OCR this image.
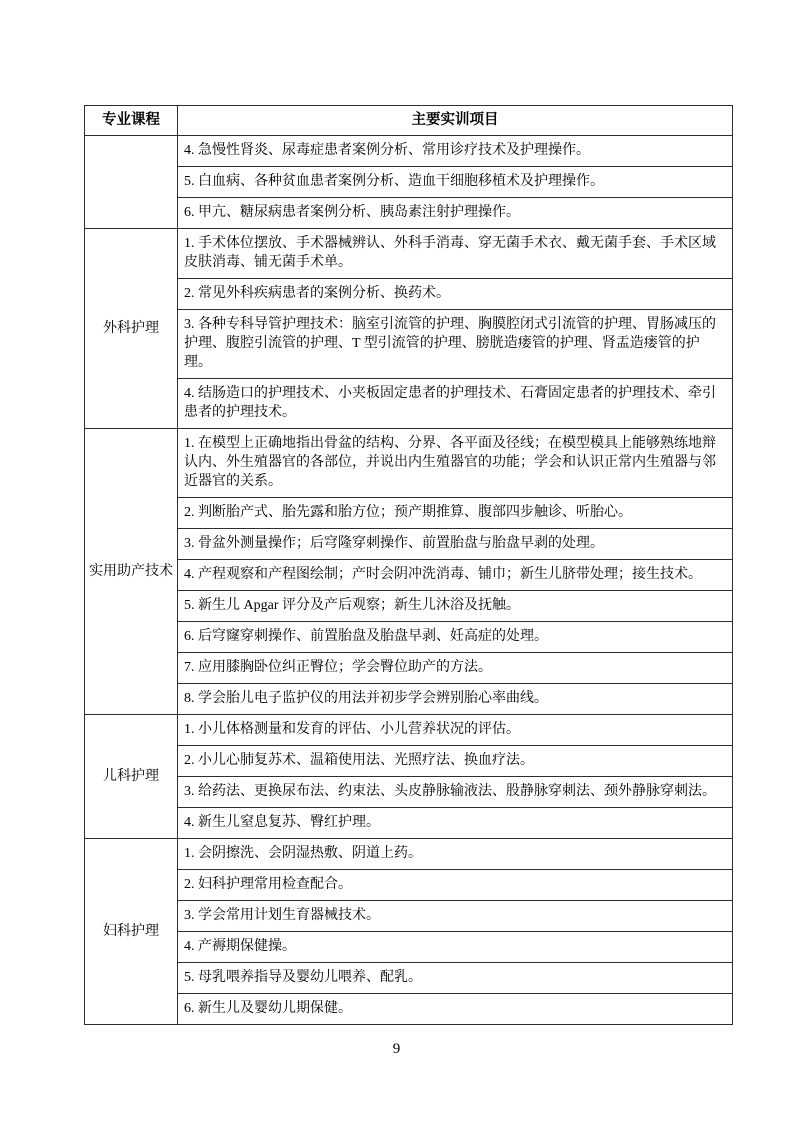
专业课程	主要实训项目
	4. 急慢性肾炎、尿毒症患者案例分析、常用诊疗技术及护理操作。
	5. 白血病、各种贫血患者案例分析、造血干细胞移植术及护理操作。
	6. 甲亢、糖尿病患者案例分析、胰岛素注射护理操作。
外科护理	1. 手术体位摆放、手术器械辨认、外科手消毒、穿无菌手术衣、戴无菌手套、手术区域皮肤消毒、铺无菌手术单。
	2. 常见外科疾病患者的案例分析、换药术。
	3. 各种专科导管护理技术：脑室引流管的护理、胸膜腔闭式引流管的护理、胃肠减压的护理、腹腔引流管的护理、T 型引流管的护理、膀胱造瘘管的护理、肾盂造瘘管的护理。
	4. 结肠造口的护理技术、小夹板固定患者的护理技术、石膏固定患者的护理技术、牵引患者的护理技术。
实用助产技术	1. 在模型上正确地指出骨盆的结构、分界、各平面及径线；在模型模具上能够熟练地辩认内、外生殖器官的各部位，并说出内生殖器官的功能；学会和认识正常内生殖器与邻近器官的关系。
	2. 判断胎产式、胎先露和胎方位；预产期推算、腹部四步触诊、听胎心。
	3. 骨盆外测量操作；后穹隆穿刺操作、前置胎盘与胎盘早剥的处理。
	4. 产程观察和产程图绘制；产时会阴冲洗消毒、铺巾；新生儿脐带处理；接生技术。
	5. 新生儿 Apgar 评分及产后观察；新生儿沐浴及抚触。
	6. 后穹窿穿刺操作、前置胎盘及胎盘早剥、妊高症的处理。
	7. 应用膝胸卧位纠正臀位；学会臀位助产的方法。
	8. 学会胎儿电子监护仪的用法并初步学会辨别胎心率曲线。
儿科护理	1. 小儿体格测量和发育的评估、小儿营养状况的评估。
	2. 小儿心肺复苏术、温箱使用法、光照疗法、换血疗法。
	3. 给药法、更换尿布法、约束法、头皮静脉输液法、股静脉穿刺法、颈外静脉穿刺法。
	4. 新生儿窒息复苏、臀红护理。
妇科护理	1. 会阴擦洗、会阴湿热敷、阴道上药。
	2. 妇科护理常用检查配合。
	3. 学会常用计划生育器械技术。
	4. 产褥期保健操。
	5. 母乳喂养指导及婴幼儿喂养、配乳。
	6. 新生儿及婴幼儿期保健。
9
